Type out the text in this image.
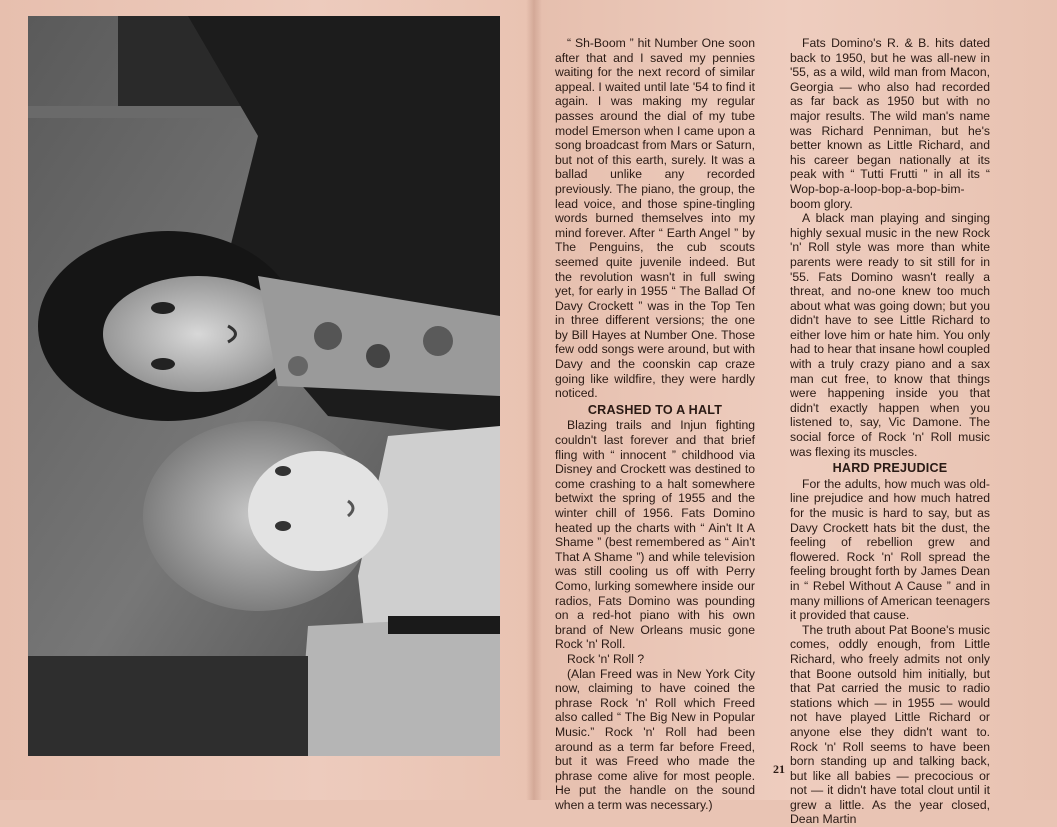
“ Sh-Boom ” hit Number One soon after that and I saved my pennies waiting for the next record of similar appeal. I waited until late '54 to find it again. I was making my regular passes around the dial of my tube model Emerson when I came upon a song broadcast from Mars or Saturn, but not of this earth, surely. It was a ballad unlike any recorded previously. The piano, the group, the lead voice, and those spine-tingling words burned themselves into my mind forever. After “ Earth Angel ” by The Penguins, the cub scouts seemed quite juvenile indeed. But the revolution wasn't in full swing yet, for early in 1955 “ The Ballad Of Davy Crockett ” was in the Top Ten in three different versions; the one by Bill Hayes at Number One. Those few odd songs were around, but with Davy and the coonskin cap craze going like wildfire, they were hardly noticed.

CRASHED TO A HALT

Blazing trails and Injun fighting couldn't last forever and that brief fling with “ innocent ” childhood via Disney and Crockett was destined to come crashing to a halt somewhere betwixt the spring of 1955 and the winter chill of 1956. Fats Domino heated up the charts with “ Ain't It A Shame ” (best remembered as “ Ain't That A Shame ”) and while television was still cooling us off with Perry Como, lurking somewhere inside our radios, Fats Domino was pounding on a red-hot piano with his own brand of New Orleans music gone Rock 'n' Roll.

Rock 'n' Roll ?

(Alan Freed was in New York City now, claiming to have coined the phrase Rock 'n' Roll which Freed also called “ The Big New in Popular Music.” Rock 'n' Roll had been around as a term far before Freed, but it was Freed who made the phrase come alive for most people. He put the handle on the sound when a term was necessary.)

Fats Domino's R. & B. hits dated back to 1950, but he was all-new in '55, as a wild, wild man from Macon, Georgia — who also had recorded as far back as 1950 but with no major results. The wild man's name was Richard Penniman, but he's better known as Little Richard, and his career began nationally at its peak with “ Tutti Frutti ” in all its “ Wop-bop-a-loop-bop-a-bop-bim-boom glory.

A black man playing and singing highly sexual music in the new Rock 'n' Roll style was more than white parents were ready to sit still for in '55. Fats Domino wasn't really a threat, and no-one knew too much about what was going down; but you didn't have to see Little Richard to either love him or hate him. You only had to hear that insane howl coupled with a truly crazy piano and a sax man cut free, to know that things were happening inside you that didn't exactly happen when you listened to, say, Vic Damone. The social force of Rock 'n' Roll music was flexing its muscles.

HARD PREJUDICE

For the adults, how much was old-line prejudice and how much hatred for the music is hard to say, but as Davy Crockett hats bit the dust, the feeling of rebellion grew and flowered. Rock 'n' Roll spread the feeling brought forth by James Dean in “ Rebel Without A Cause ” and in many millions of American teenagers it provided that cause.

The truth about Pat Boone's music comes, oddly enough, from Little Richard, who freely admits not only that Boone outsold him initially, but that Pat carried the music to radio stations which — in 1955 — would not have played Little Richard or anyone else they didn't want to. Rock 'n' Roll seems to have been born standing up and talking back, but like all babies — precocious or not — it didn't have total clout until it grew a little. As the year closed, Dean Martin

21
